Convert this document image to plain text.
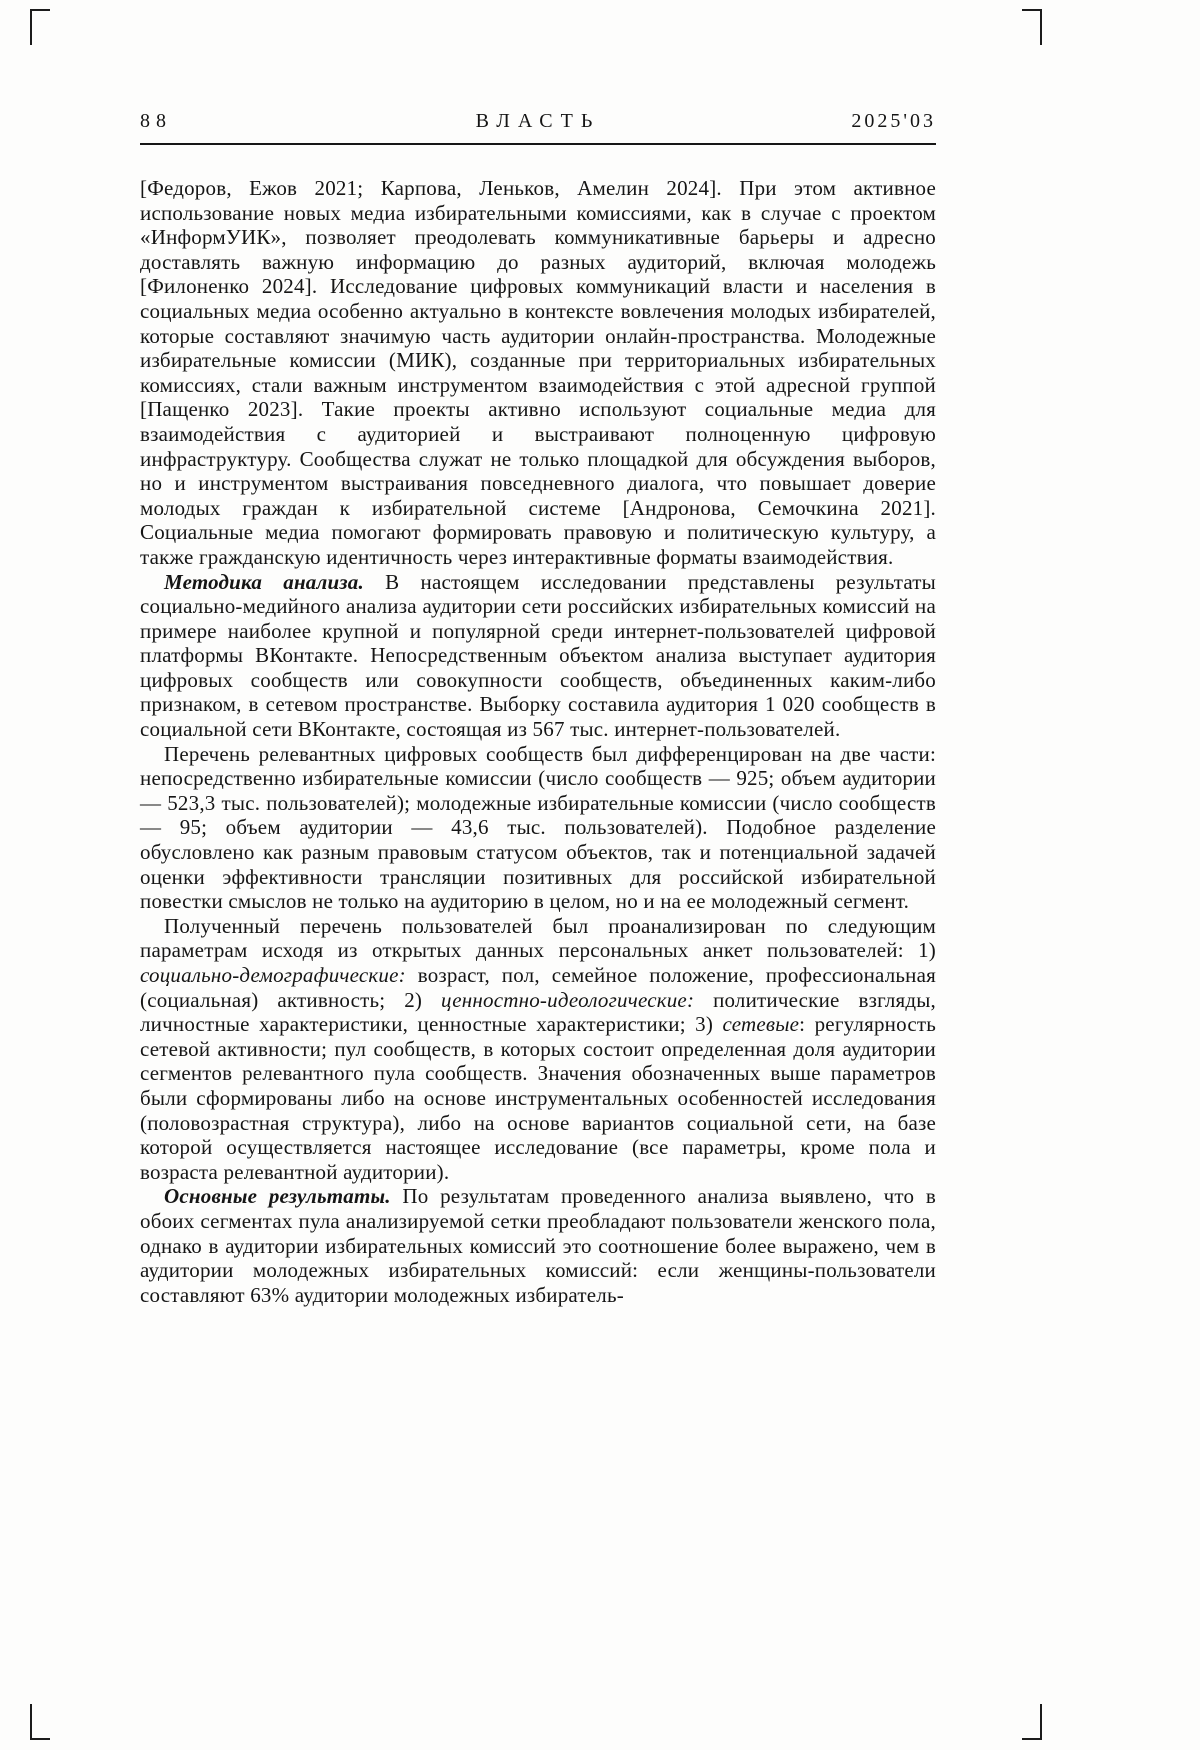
88	ВЛАСТЬ	2025'03

[Федоров, Ежов 2021; Карпова, Леньков, Амелин 2024]. При этом активное использование новых медиа избирательными комиссиями, как в случае с проектом «ИнформУИК», позволяет преодолевать коммуникативные барьеры и адресно доставлять важную информацию до разных аудиторий, включая молодежь [Филоненко 2024]. Исследование цифровых коммуникаций власти и населения в социальных медиа особенно актуально в контексте вовлечения молодых избирателей, которые составляют значимую часть аудитории онлайн-пространства. Молодежные избирательные комиссии (МИК), созданные при территориальных избирательных комиссиях, стали важным инструментом взаимодействия с этой адресной группой [Пащенко 2023]. Такие проекты активно используют социальные медиа для взаимодействия с аудиторией и выстраивают полноценную цифровую инфраструктуру. Сообщества служат не только площадкой для обсуждения выборов, но и инструментом выстраивания повседневного диалога, что повышает доверие молодых граждан к избирательной системе [Андронова, Семочкина 2021]. Социальные медиа помогают формировать правовую и политическую культуру, а также гражданскую идентичность через интерактивные форматы взаимодействия.

Методика анализа. В настоящем исследовании представлены результаты социально-медийного анализа аудитории сети российских избирательных комиссий на примере наиболее крупной и популярной среди интернет-пользователей цифровой платформы ВКонтакте. Непосредственным объектом анализа выступает аудитория цифровых сообществ или совокупности сообществ, объединенных каким-либо признаком, в сетевом пространстве. Выборку составила аудитория 1 020 сообществ в социальной сети ВКонтакте, состоящая из 567 тыс. интернет-пользователей.

Перечень релевантных цифровых сообществ был дифференцирован на две части: непосредственно избирательные комиссии (число сообществ — 925; объем аудитории — 523,3 тыс. пользователей); молодежные избирательные комиссии (число сообществ — 95; объем аудитории — 43,6 тыс. пользователей). Подобное разделение обусловлено как разным правовым статусом объектов, так и потенциальной задачей оценки эффективности трансляции позитивных для российской избирательной повестки смыслов не только на аудиторию в целом, но и на ее молодежный сегмент.

Полученный перечень пользователей был проанализирован по следующим параметрам исходя из открытых данных персональных анкет пользователей: 1) социально-демографические: возраст, пол, семейное положение, профессиональная (социальная) активность; 2) ценностно-идеологические: политические взгляды, личностные характеристики, ценностные характеристики; 3) сетевые: регулярность сетевой активности; пул сообществ, в которых состоит определенная доля аудитории сегментов релевантного пула сообществ. Значения обозначенных выше параметров были сформированы либо на основе инструментальных особенностей исследования (половозрастная структура), либо на основе вариантов социальной сети, на базе которой осуществляется настоящее исследование (все параметры, кроме пола и возраста релевантной аудитории).

Основные результаты. По результатам проведенного анализа выявлено, что в обоих сегментах пула анализируемой сетки преобладают пользователи женского пола, однако в аудитории избирательных комиссий это соотношение более выражено, чем в аудитории молодежных избирательных комиссий: если женщины-пользователи составляют 63% аудитории молодежных избиратель-
